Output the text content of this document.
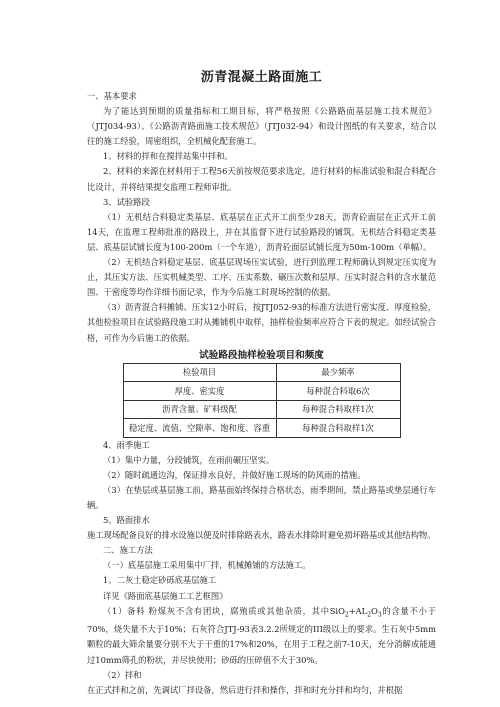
沥青混凝土路面施工

一、基本要求

为了能达到预期的质量指标和工期目标，将严格按照《公路路面基层施工技术规范》（JTJ034-93）、《公路沥青路面施工技术规范》（JTJ032-94）和设计图纸的有关要求，结合以往的施工经验，周密组织，全机械化配套施工。

1、材料的拌和在搅拌站集中拌和。

2、材料的来源在材料用于工程56天前按规范要求选定，进行材料的标准试验和混合料配合比设计，并将结果提交监理工程师审批。

3、试验路段

（1）无机结合料稳定类基层、底基层在正式开工前至少28天，沥青砼面层在正式开工前14天，在监理工程师批准的路段上，并在其监督下进行试验路段的铺筑。无机结合料稳定类基层、底基层试铺长度为100-200m（一个车道），沥青砼面层试铺长度为50m-100m（单幅）。

（2）无机结合料稳定基层、底基层现场压实试验，进行到监理工程师确认到规定压实度为止，其压实方法、压实机械类型、工序、压实系数、碾压次数和层厚、压实时混合料的含水量范围、干密度等均作详细书面记录，作为今后施工时现场控制的依据。

（3）沥青混合料摊铺、压实12小时后，按JTJ052-93的标准方法进行密实度、厚度检验，其他检验项目在试验路段施工时从摊铺机中取样，抽样检验频率应符合下表的规定。如经试验合格，可作为今后施工的依据。

试验路段抽样检验项目和频度
检验项目	最少频率
厚度、密实度	每种混合料取6次
沥青含量、矿料级配	每种混合料取样1次
稳定度、流值、空隙率、饱和度、容重	每种混合料取样1次

4、雨季施工

（1）集中力量，分段铺筑，在雨前碾压坚实。

（2）随时疏通边沟，保证排水良好，并做好施工现场的防风雨的措施。

（3）在垫层或基层施工前，路基面始终保持合格状态，雨季期间，禁止路基或垫层通行车辆。

5、路面排水

施工现场配备良好的排水设施以便及时排除路表水，路表水排除时避免损坏路基或其他结构物。

二、施工方法

（一）底基层施工采用集中厂拌，机械摊铺的方法施工。

1、二灰土稳定砂砾底基层施工

详见《路面底基层施工工艺框图》

（1）备料 粉煤灰不含有团块，腐殖质或其他杂质，其中$SiO_2+AL_2O_3$的含量不小于70%，烧失量不大于10%；石灰符合JTJ-93表3.2.2所规定的III级以上的要求。生石灰中5mm颗粒的最大筛余量要分别不大于干重的17%和20%，在用于工程之前7-10天，充分消解成能通过10mm筛孔的粉状，并尽快使用；砂砾的压碎值不大于30%。

（2）拌和

在正式拌和之前，先调试厂拌设备，然后进行拌和操作，拌和时充分拌和均匀，并根据
